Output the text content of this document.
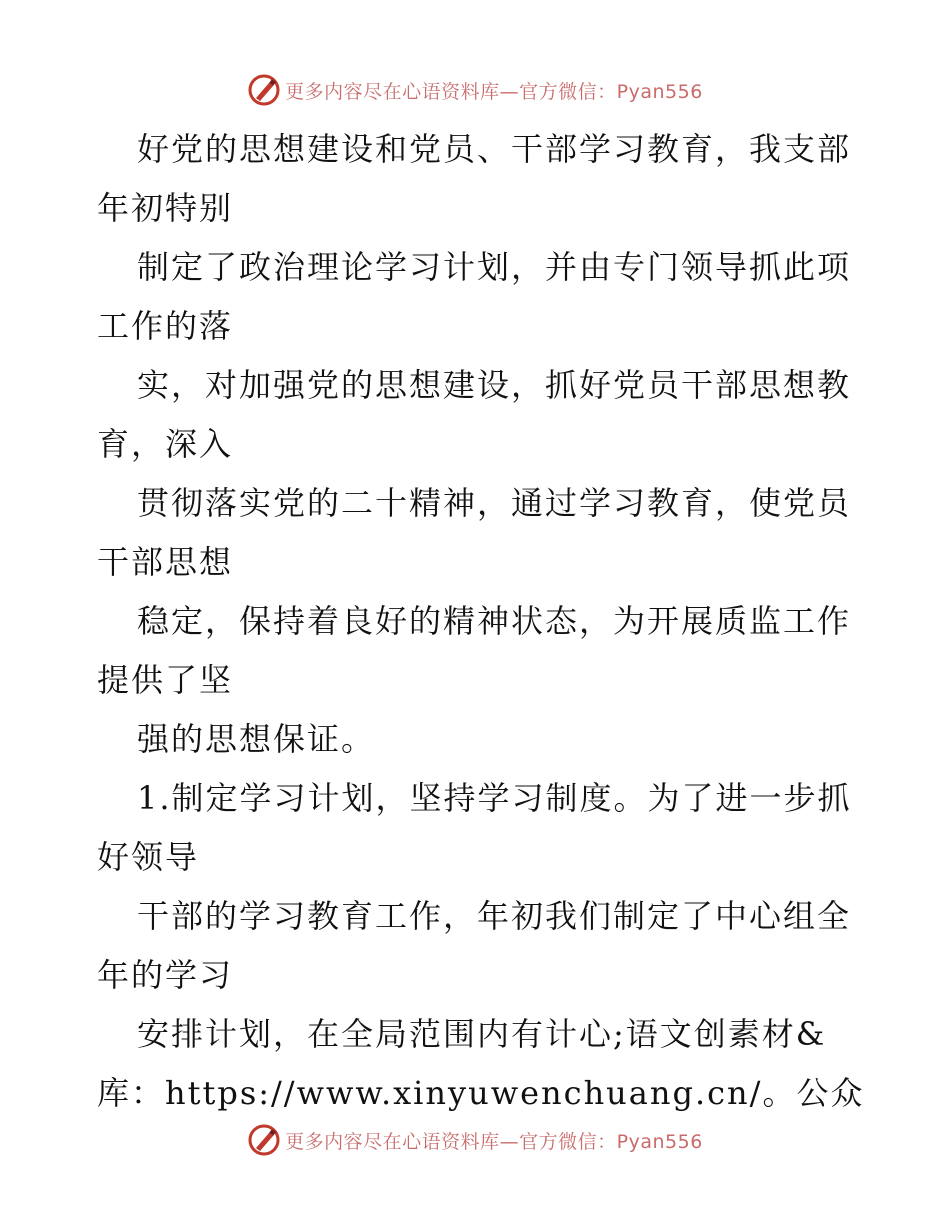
更多内容尽在心语资料库—官方微信：Pyan556
好党的思想建设和党员、干部学习教育，我支部
年初特别
制定了政治理论学习计划，并由专门领导抓此项
工作的落
实，对加强党的思想建设，抓好党员干部思想教
育，深入
贯彻落实党的二十精神，通过学习教育，使党员
干部思想
稳定，保持着良好的精神状态，为开展质监工作
提供了坚
强的思想保证。
1.制定学习计划，坚持学习制度。为了进一步抓
好领导
干部的学习教育工作，年初我们制定了中心组全
年的学习
安排计划，在全局范围内有计心;语文创素材&
库：https://www.xinyuwenchuang.cn/。公众
更多内容尽在心语资料库—官方微信：Pyan556
